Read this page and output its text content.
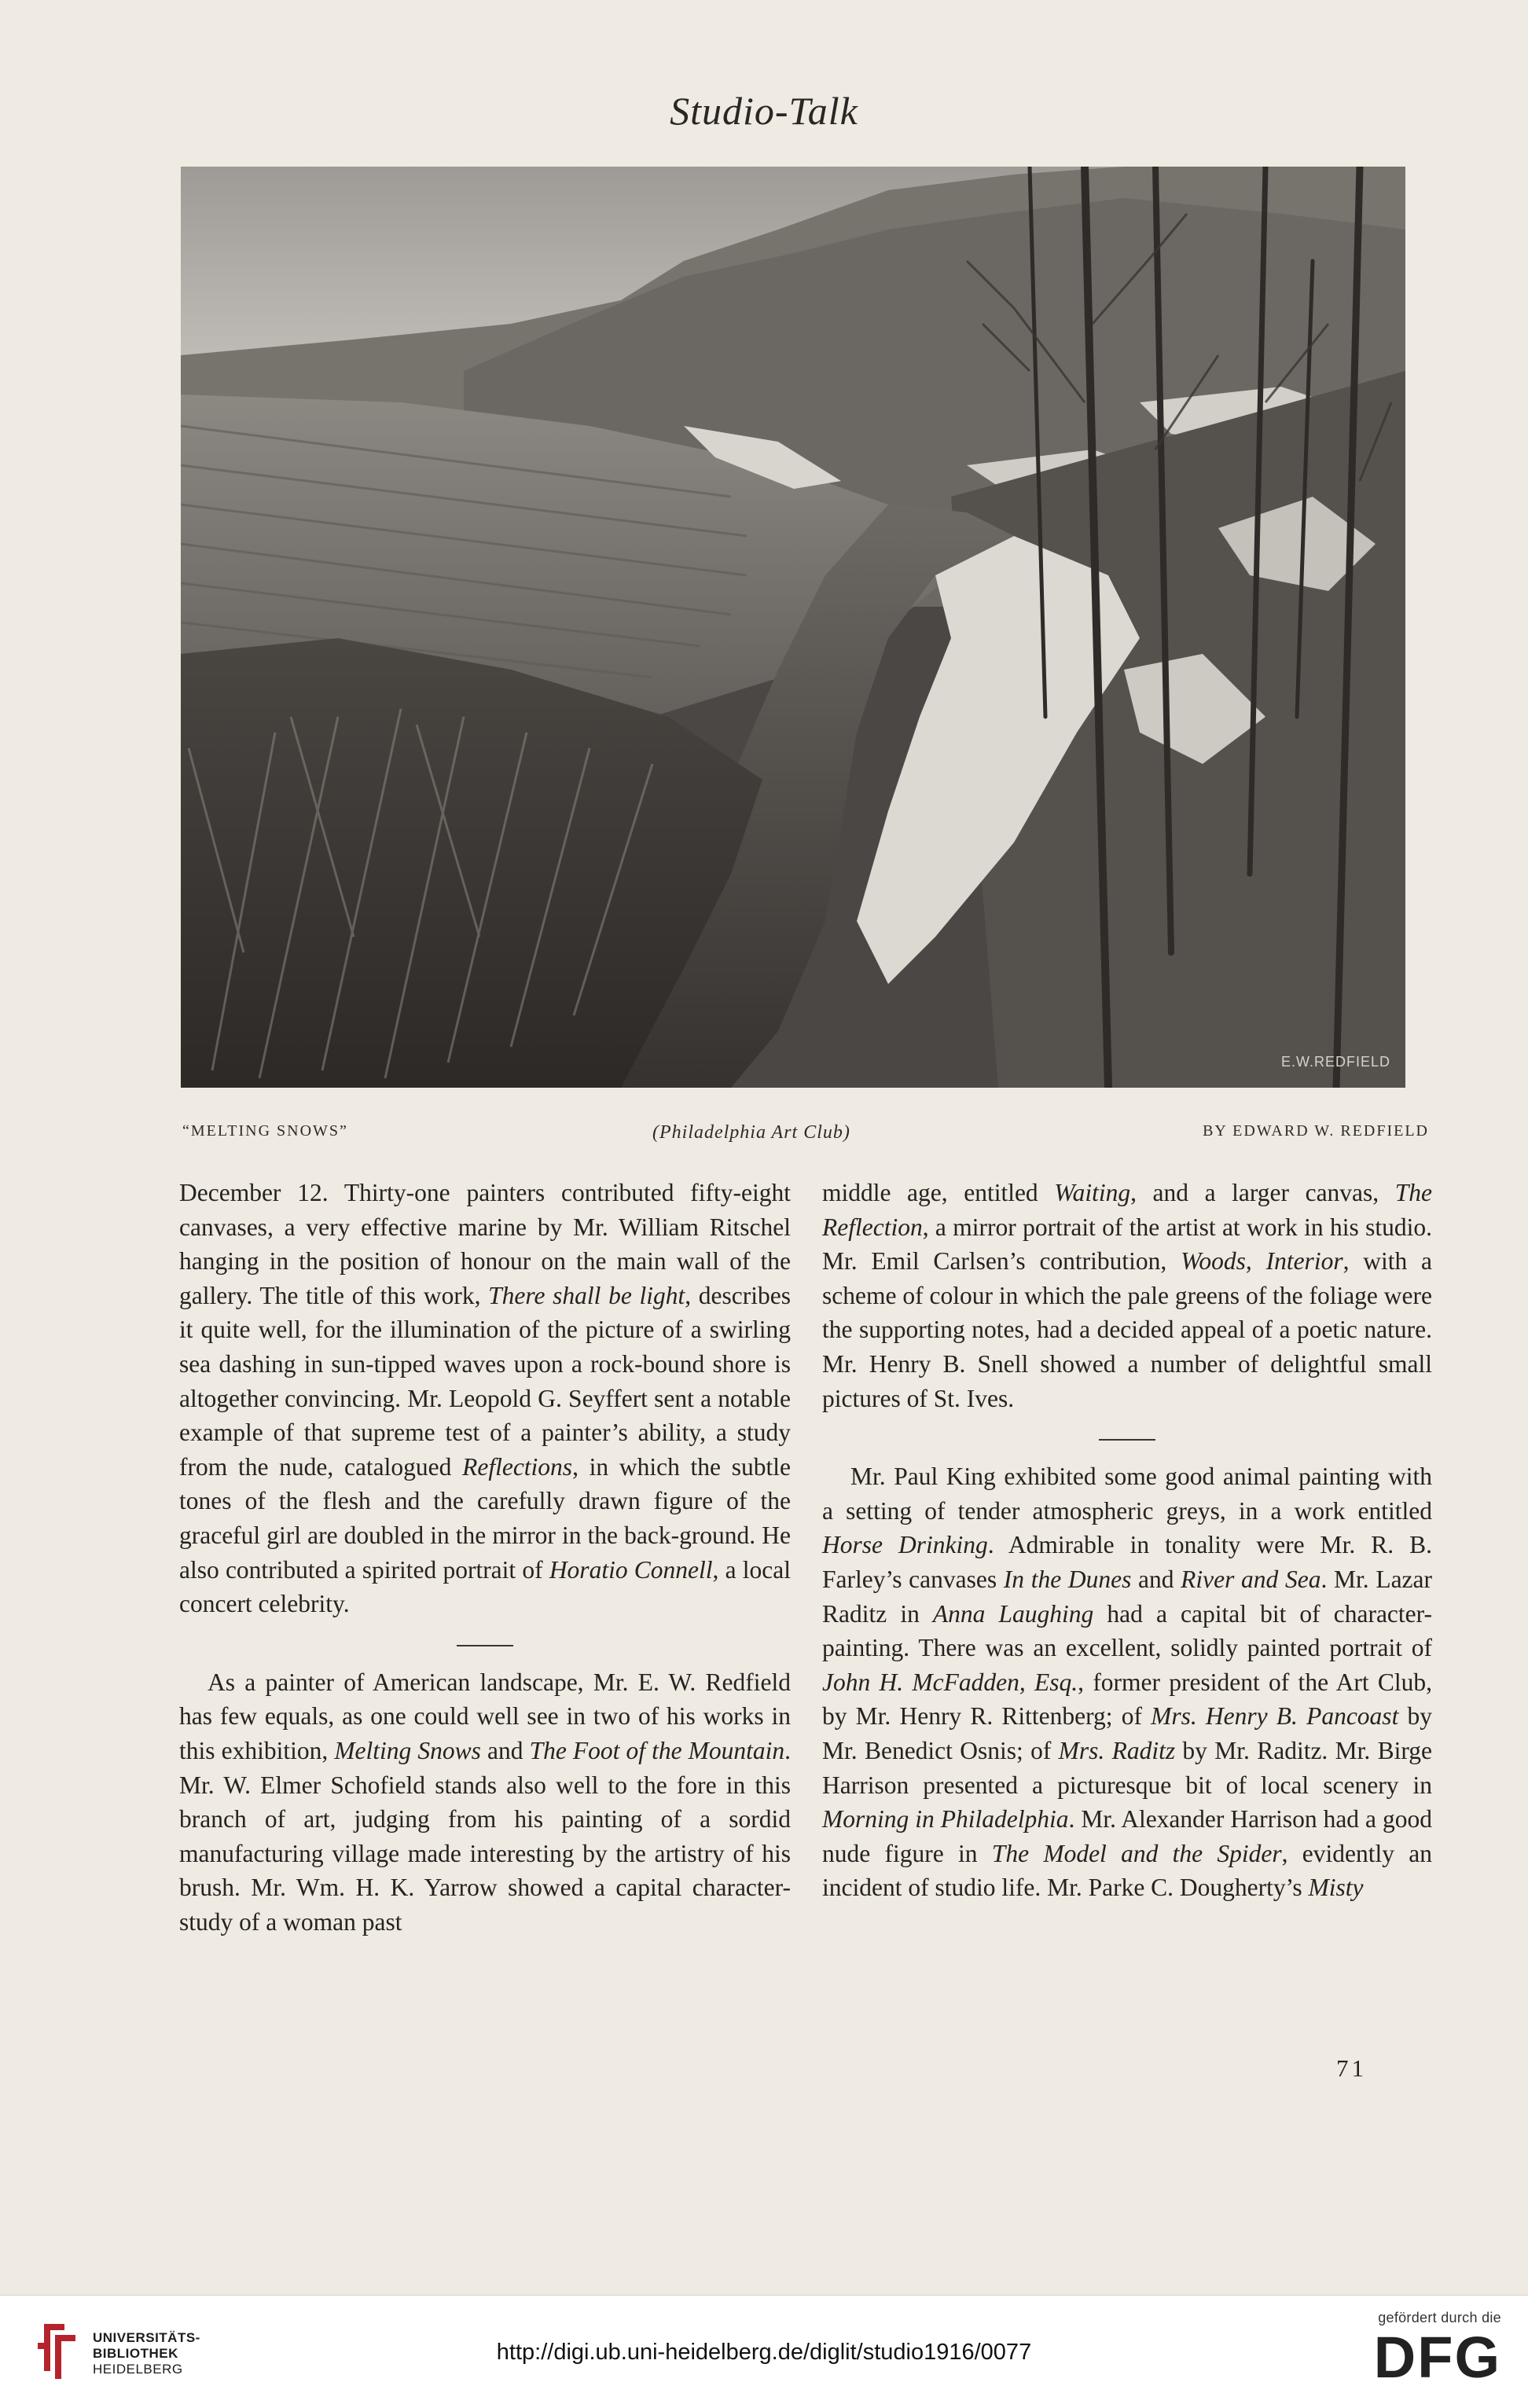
Studio-Talk
E.W.REDFIELD
“MELTING SNOWS”	(Philadelphia Art Club)	BY EDWARD W. REDFIELD

December 12. Thirty-one painters contributed fifty-eight canvases, a very effective marine by Mr. William Ritschel hanging in the position of honour on the main wall of the gallery. The title of this work, There shall be light, describes it quite well, for the illumination of the picture of a swirling sea dashing in sun-tipped waves upon a rock-bound shore is altogether convincing. Mr. Leopold G. Seyffert sent a notable example of that supreme test of a painter’s ability, a study from the nude, catalogued Reflections, in which the subtle tones of the flesh and the carefully drawn figure of the graceful girl are doubled in the mirror in the back-ground. He also contributed a spirited portrait of Horatio Connell, a local concert celebrity.

As a painter of American landscape, Mr. E. W. Redfield has few equals, as one could well see in two of his works in this exhibition, Melting Snows and The Foot of the Mountain. Mr. W. Elmer Schofield stands also well to the fore in this branch of art, judging from his painting of a sordid manufacturing village made interesting by the artistry of his brush. Mr. Wm. H. K. Yarrow showed a capital character-study of a woman past

middle age, entitled Waiting, and a larger canvas, The Reflection, a mirror portrait of the artist at work in his studio. Mr. Emil Carlsen’s contribution, Woods, Interior, with a scheme of colour in which the pale greens of the foliage were the supporting notes, had a decided appeal of a poetic nature. Mr. Henry B. Snell showed a number of delightful small pictures of St. Ives.

Mr. Paul King exhibited some good animal painting with a setting of tender atmospheric greys, in a work entitled Horse Drinking. Admirable in tonality were Mr. R. B. Farley’s canvases In the Dunes and River and Sea. Mr. Lazar Raditz in Anna Laughing had a capital bit of character-painting. There was an excellent, solidly painted portrait of John H. McFadden, Esq., former president of the Art Club, by Mr. Henry R. Rittenberg; of Mrs. Henry B. Pancoast by Mr. Benedict Osnis; of Mrs. Raditz by Mr. Raditz. Mr. Birge Harrison presented a picturesque bit of local scenery in Morning in Philadelphia. Mr. Alexander Harrison had a good nude figure in The Model and the Spider, evidently an incident of studio life. Mr. Parke C. Dougherty’s Misty

71
UNIVERSITÄTS-
BIBLIOTHEK
HEIDELBERG
http://digi.ub.uni-heidelberg.de/diglit/studio1916/0077
gefördert durch die
DFG
